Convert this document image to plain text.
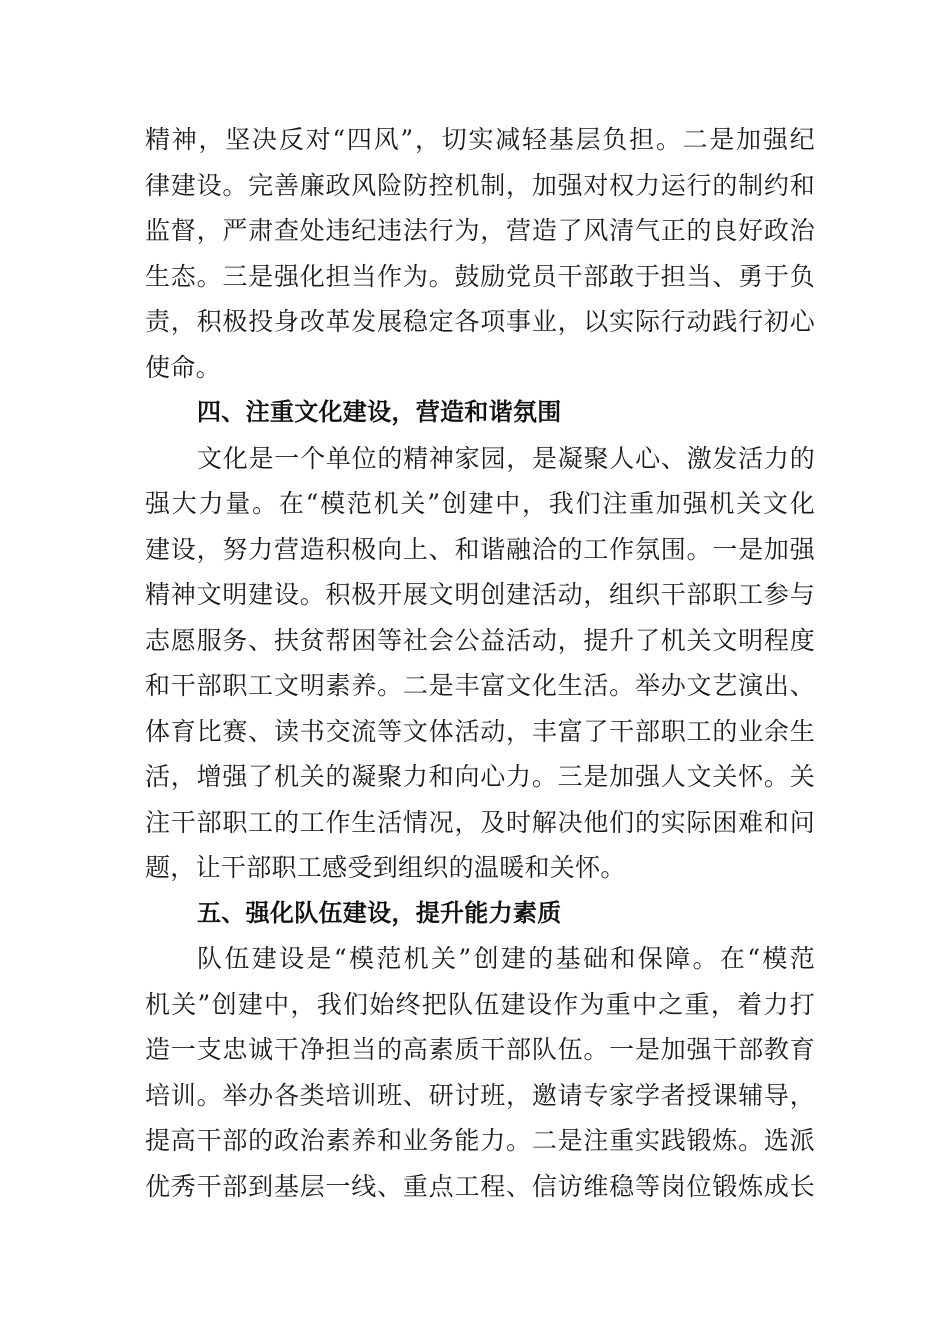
精神，坚决反对“四风”，切实减轻基层负担。二是加强纪
律建设。完善廉政风险防控机制，加强对权力运行的制约和
监督，严肃查处违纪违法行为，营造了风清气正的良好政治
生态。三是强化担当作为。鼓励党员干部敢于担当、勇于负
责，积极投身改革发展稳定各项事业，以实际行动践行初心
使命。
四、注重文化建设，营造和谐氛围
文化是一个单位的精神家园，是凝聚人心、激发活力的
强大力量。在“模范机关”创建中，我们注重加强机关文化
建设，努力营造积极向上、和谐融洽的工作氛围。一是加强
精神文明建设。积极开展文明创建活动，组织干部职工参与
志愿服务、扶贫帮困等社会公益活动，提升了机关文明程度
和干部职工文明素养。二是丰富文化生活。举办文艺演出、
体育比赛、读书交流等文体活动，丰富了干部职工的业余生
活，增强了机关的凝聚力和向心力。三是加强人文关怀。关
注干部职工的工作生活情况，及时解决他们的实际困难和问
题，让干部职工感受到组织的温暖和关怀。
五、强化队伍建设，提升能力素质
队伍建设是“模范机关”创建的基础和保障。在“模范
机关”创建中，我们始终把队伍建设作为重中之重，着力打
造一支忠诚干净担当的高素质干部队伍。一是加强干部教育
培训。举办各类培训班、研讨班，邀请专家学者授课辅导，
提高干部的政治素养和业务能力。二是注重实践锻炼。选派
优秀干部到基层一线、重点工程、信访维稳等岗位锻炼成长
